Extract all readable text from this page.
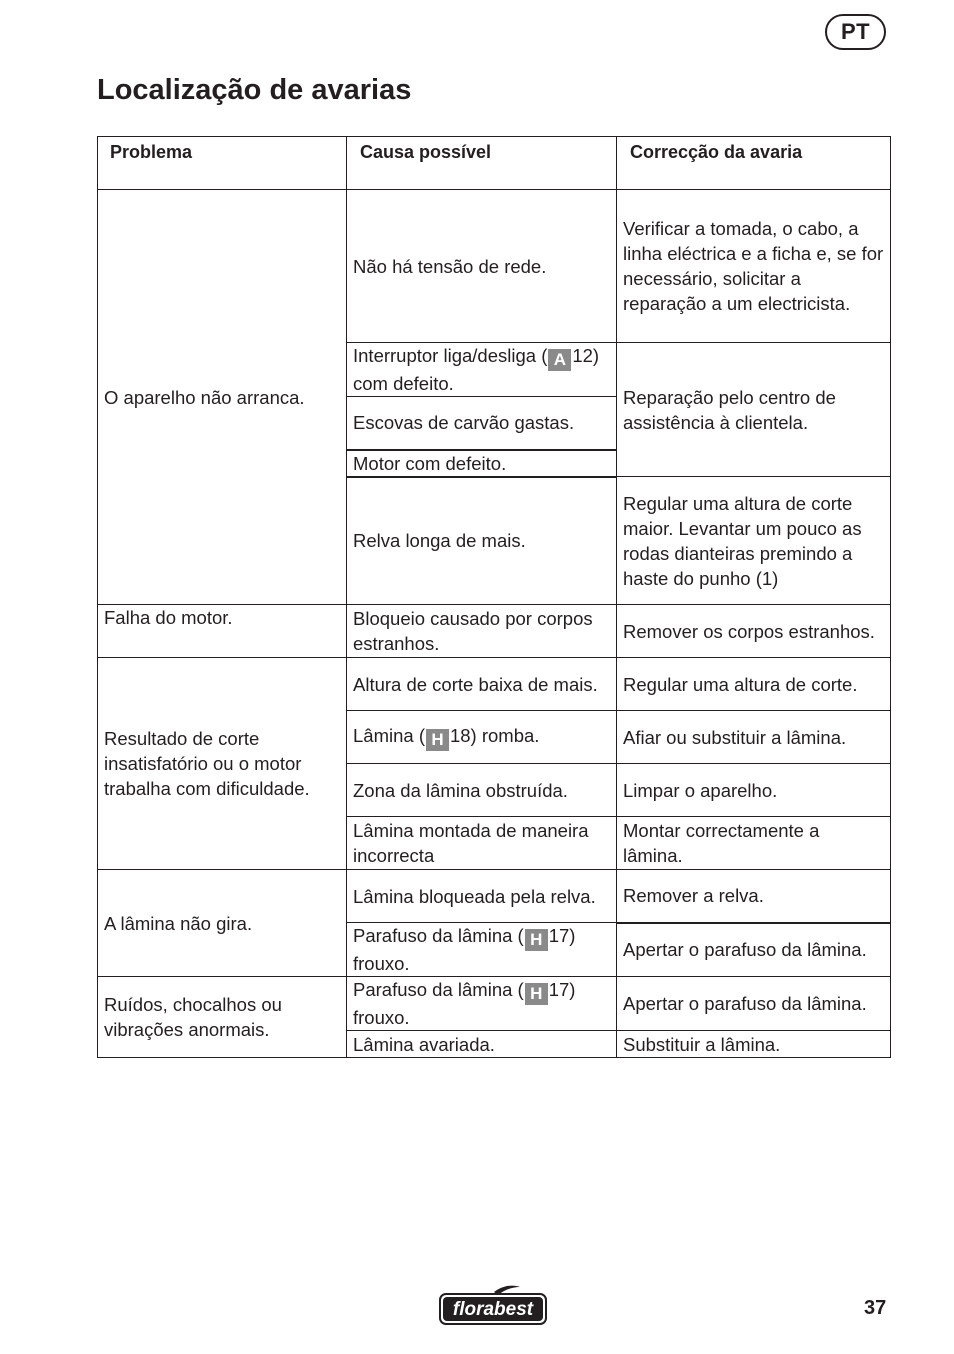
PT
Localização de avarias
Problema	Causa possível	Correcção da avaria
O aparelho não arranca.	Não há tensão de rede.	Verificar a tomada, o cabo, a linha eléctrica e a ficha e, se for necessário, solicitar a reparação a um electricista.
	Interruptor liga/desliga ( A 12) com defeito.	Reparação pelo centro de assistência à clientela.
	Escovas de carvão gastas.	
	Motor com defeito.	
	Relva longa de mais.	Regular uma altura de corte maior. Levantar um pouco as rodas dianteiras premindo a haste do punho (1)
Falha do motor.	Bloqueio causado por corpos estranhos.	Remover os corpos estranhos.
Resultado de corte insatisfatório ou o motor trabalha com dificuldade.	Altura de corte baixa de mais.	Regular uma altura de corte.
	Lâmina ( H 18) romba.	Afiar ou substituir a lâmina.
	Zona da lâmina obstruída.	Limpar o aparelho.
	Lâmina montada de maneira incorrecta	Montar correctamente a lâmina.
A lâmina não gira.	Lâmina bloqueada pela relva.	Remover a relva.
	Parafuso da lâmina ( H 17) frouxo.	Apertar o parafuso da lâmina.
Ruídos, chocalhos ou vibrações anormais.	Parafuso da lâmina ( H 17) frouxo.	Apertar o parafuso da lâmina.
	Lâmina avariada.	Substituir a lâmina.
florabest	37
